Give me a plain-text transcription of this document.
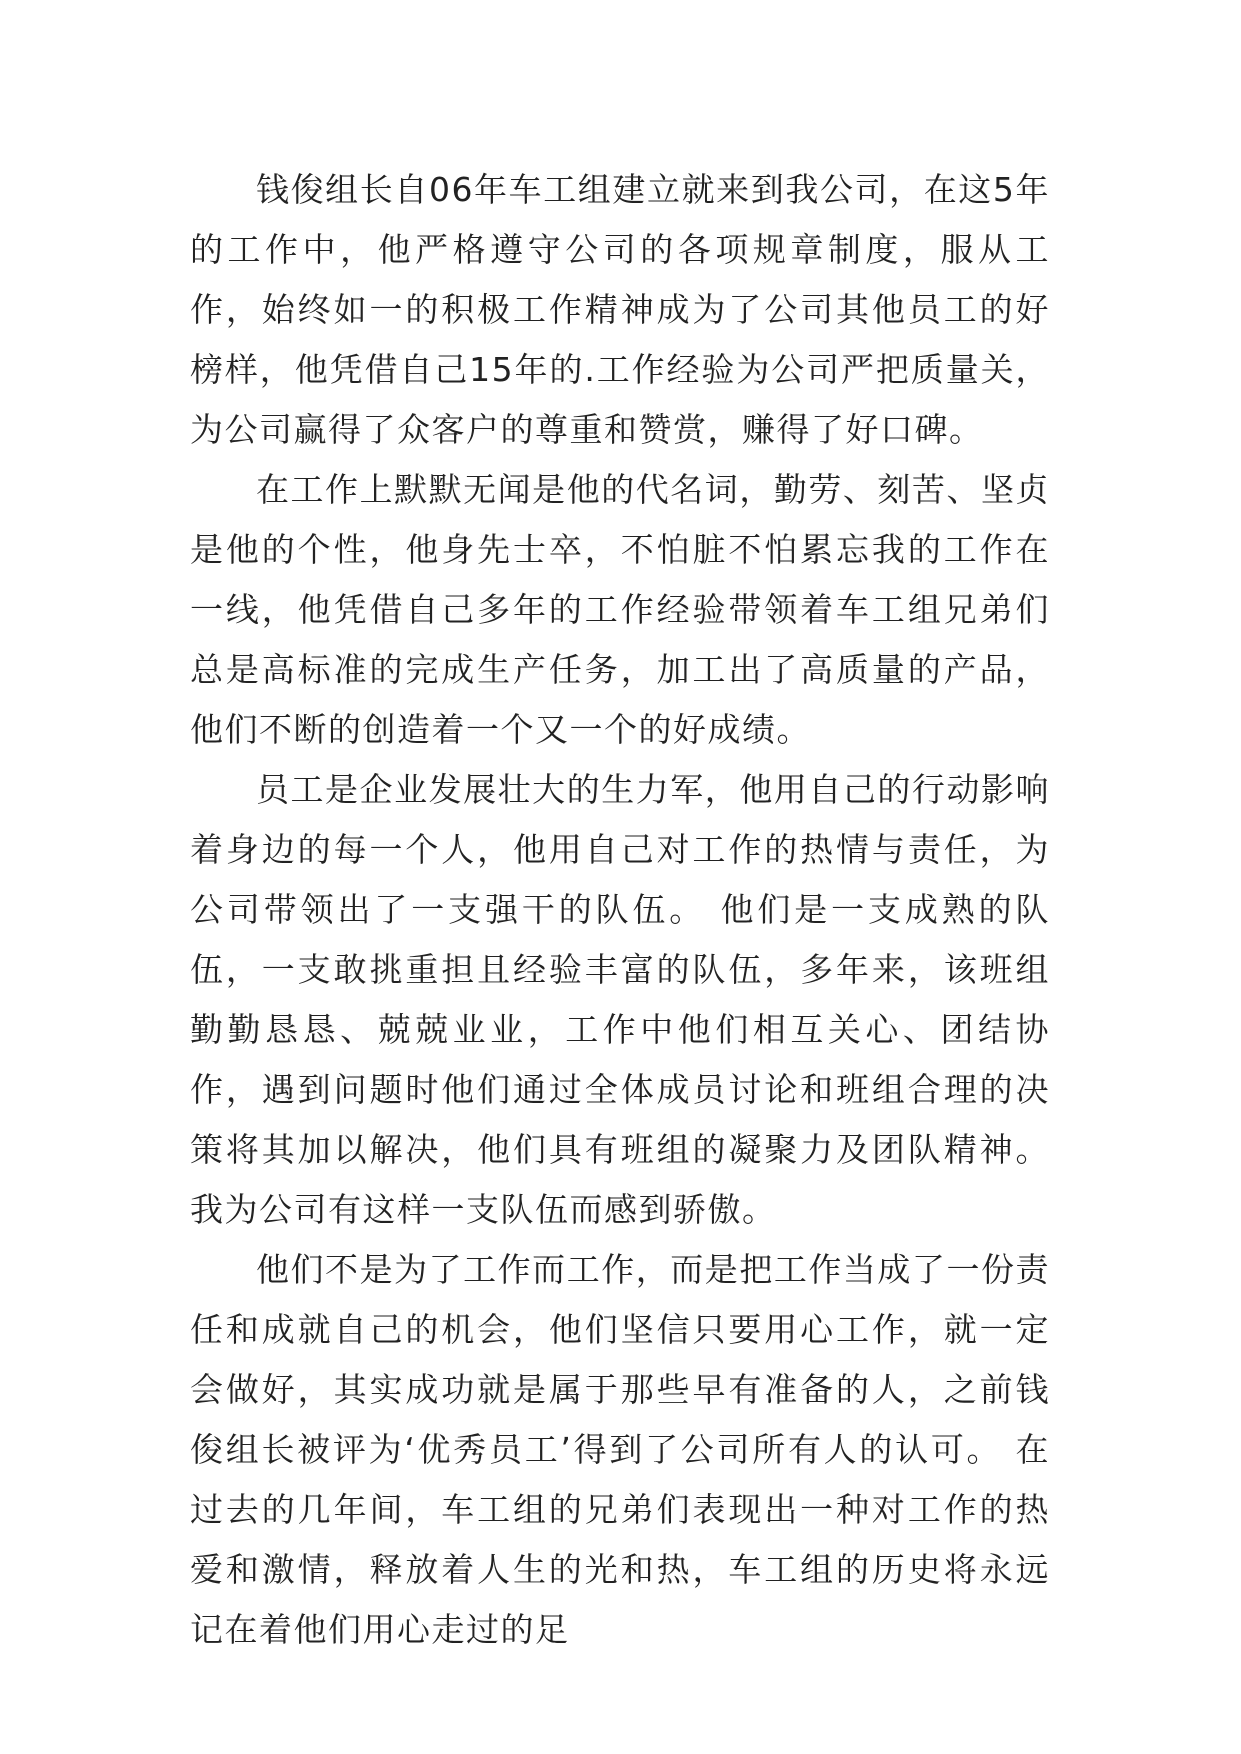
钱俊组长自06年车工组建立就来到我公司，在这5年的工作中，他严格遵守公司的各项规章制度，服从工作，始终如一的积极工作精神成为了公司其他员工的好榜样，他凭借自己15年的.工作经验为公司严把质量关，为公司赢得了众客户的尊重和赞赏，赚得了好口碑。

在工作上默默无闻是他的代名词，勤劳、刻苦、坚贞是他的个性，他身先士卒，不怕脏不怕累忘我的工作在一线，他凭借自己多年的工作经验带领着车工组兄弟们总是高标准的完成生产任务，加工出了高质量的产品，他们不断的创造着一个又一个的好成绩。

员工是企业发展壮大的生力军，他用自己的行动影响着身边的每一个人，他用自己对工作的热情与责任，为公司带领出了一支强干的队伍。 他们是一支成熟的队伍，一支敢挑重担且经验丰富的队伍，多年来，该班组勤勤恳恳、兢兢业业，工作中他们相互关心、团结协作，遇到问题时他们通过全体成员讨论和班组合理的决策将其加以解决，他们具有班组的凝聚力及团队精神。我为公司有这样一支队伍而感到骄傲。

他们不是为了工作而工作，而是把工作当成了一份责任和成就自己的机会，他们坚信只要用心工作，就一定会做好，其实成功就是属于那些早有准备的人，之前钱俊组长被评为‘优秀员工’得到了公司所有人的认可。 在过去的几年间，车工组的兄弟们表现出一种对工作的热爱和激情，释放着人生的光和热，车工组的历史将永远记在着他们用心走过的足
